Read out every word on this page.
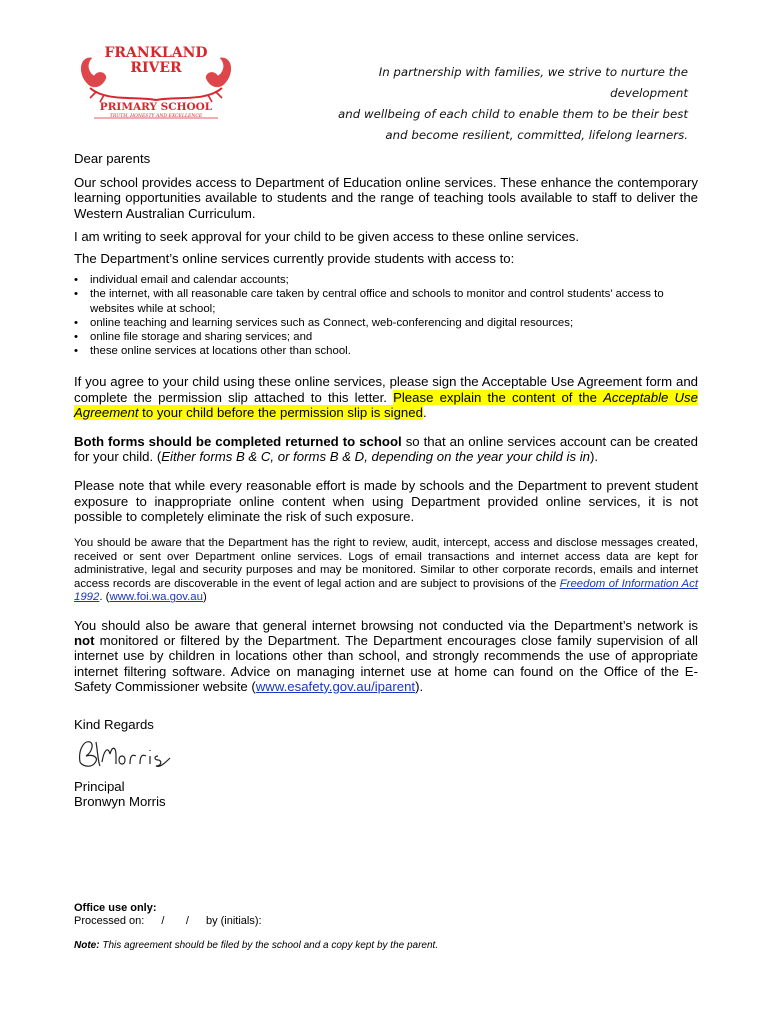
FRANKLAND
RIVER
PRIMARY SCHOOL
TRUTH, HONESTY AND EXCELLENCE
In partnership with families, we strive to nurture the development
and wellbeing of each child to enable them to be their best
and become resilient, committed, lifelong learners.

Dear parents

Our school provides access to Department of Education online services. These enhance the contemporary learning opportunities available to students and the range of teaching tools available to staff to deliver the Western Australian Curriculum.

I am writing to seek approval for your child to be given access to these online services.

The Department’s online services currently provide students with access to:

• individual email and calendar accounts;
• the internet, with all reasonable care taken by central office and schools to monitor and control students’ access to websites while at school;
• online teaching and learning services such as Connect, web-conferencing and digital resources;
• online file storage and sharing services; and
• these online services at locations other than school.

If you agree to your child using these online services, please sign the Acceptable Use Agreement form and complete the permission slip attached to this letter. Please explain the content of the Acceptable Use Agreement to your child before the permission slip is signed.

Both forms should be completed returned to school so that an online services account can be created for your child. (Either forms B & C, or forms B & D, depending on the year your child is in).

Please note that while every reasonable effort is made by schools and the Department to prevent student exposure to inappropriate online content when using Department provided online services, it is not possible to completely eliminate the risk of such exposure.

You should be aware that the Department has the right to review, audit, intercept, access and disclose messages created, received or sent over Department online services. Logs of email transactions and internet access data are kept for administrative, legal and security purposes and may be monitored. Similar to other corporate records, emails and internet access records are discoverable in the event of legal action and are subject to provisions of the Freedom of Information Act 1992. (www.foi.wa.gov.au)

You should also be aware that general internet browsing not conducted via the Department’s network is not monitored or filtered by the Department. The Department encourages close family supervision of all internet use by children in locations other than school, and strongly recommends the use of appropriate internet filtering software. Advice on managing internet use at home can found on the Office of the E-Safety Commissioner website (www.esafety.gov.au/iparent).

Kind Regards

Principal

Bronwyn Morris

Office use only:
Processed on: /       / by (initials):
Note: This agreement should be filed by the school and a copy kept by the parent.
